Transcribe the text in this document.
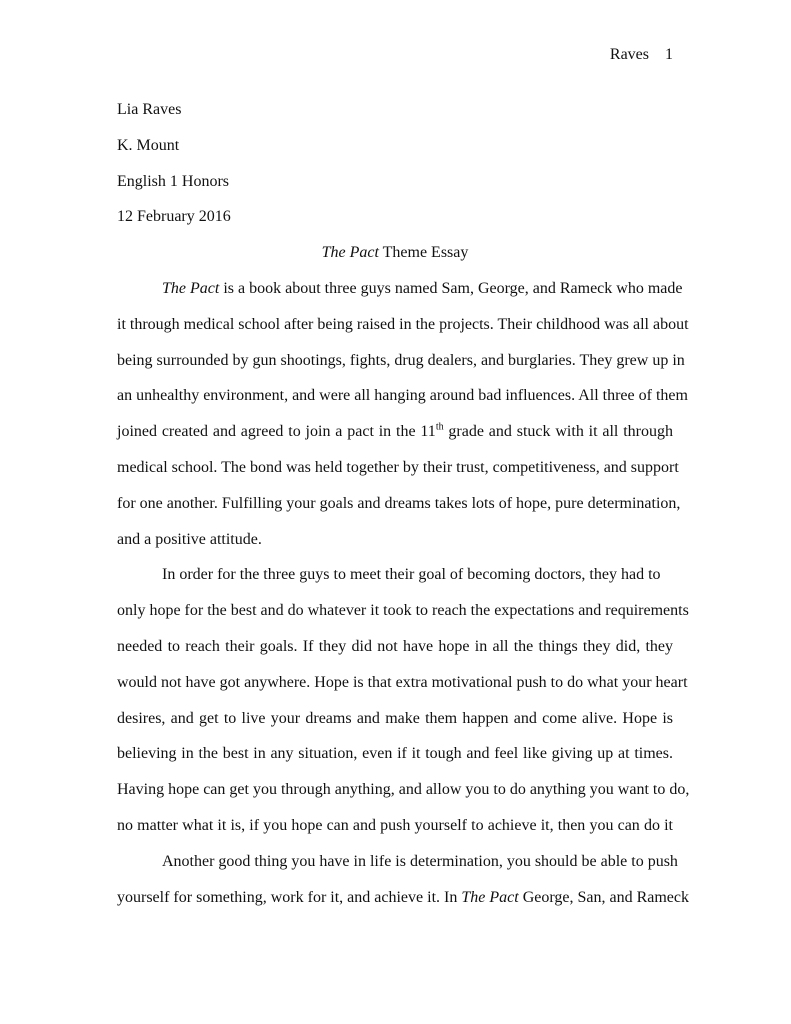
Raves 1
Lia Raves
K. Mount
English 1 Honors
12 February 2016
The Pact Theme Essay

The Pact is a book about three guys named Sam, George, and Rameck who made
it through medical school after being raised in the projects. Their childhood was all about
being surrounded by gun shootings, fights, drug dealers, and burglaries. They grew up in
an unhealthy environment, and were all hanging around bad influences. All three of them
joined created and agreed to join a pact in the 11th grade and stuck with it all through
medical school. The bond was held together by their trust, competitiveness, and support
for one another. Fulfilling your goals and dreams takes lots of hope, pure determination,
and a positive attitude.

In order for the three guys to meet their goal of becoming doctors, they had to
only hope for the best and do whatever it took to reach the expectations and requirements
needed to reach their goals. If they did not have hope in all the things they did, they
would not have got anywhere. Hope is that extra motivational push to do what your heart
desires, and get to live your dreams and make them happen and come alive. Hope is
believing in the best in any situation, even if it tough and feel like giving up at times.
Having hope can get you through anything, and allow you to do anything you want to do,
no matter what it is, if you hope can and push yourself to achieve it, then you can do it

Another good thing you have in life is determination, you should be able to push
yourself for something, work for it, and achieve it. In The Pact George, San, and Rameck
